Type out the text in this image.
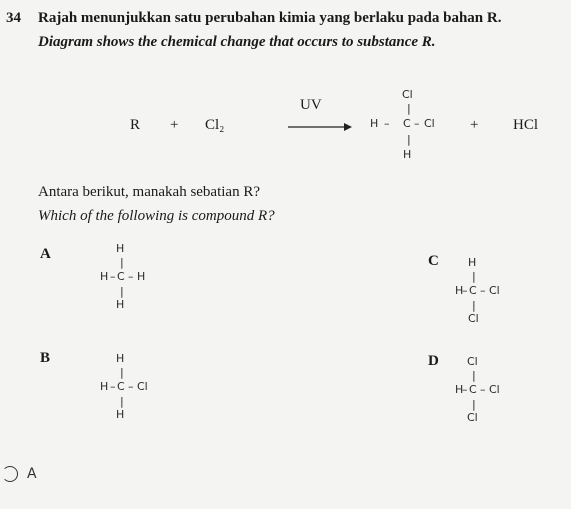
34 Rajah menunjukkan satu perubahan kimia yang berlaku pada bahan R.
Diagram shows the chemical change that occurs to substance R.
R + Cl₂
UV
Cl
|
H – C – Cl
|
H
+ HCl
Antara berikut, manakah sebatian R?
Which of the following is compound R?
A	H
|
H – C – H
|
H
C	H
|
H
– C – Cl
|
Cl
B	H
|
H – C – Cl
|
H
D	Cl
|
H
– C – Cl
|
Cl
A
